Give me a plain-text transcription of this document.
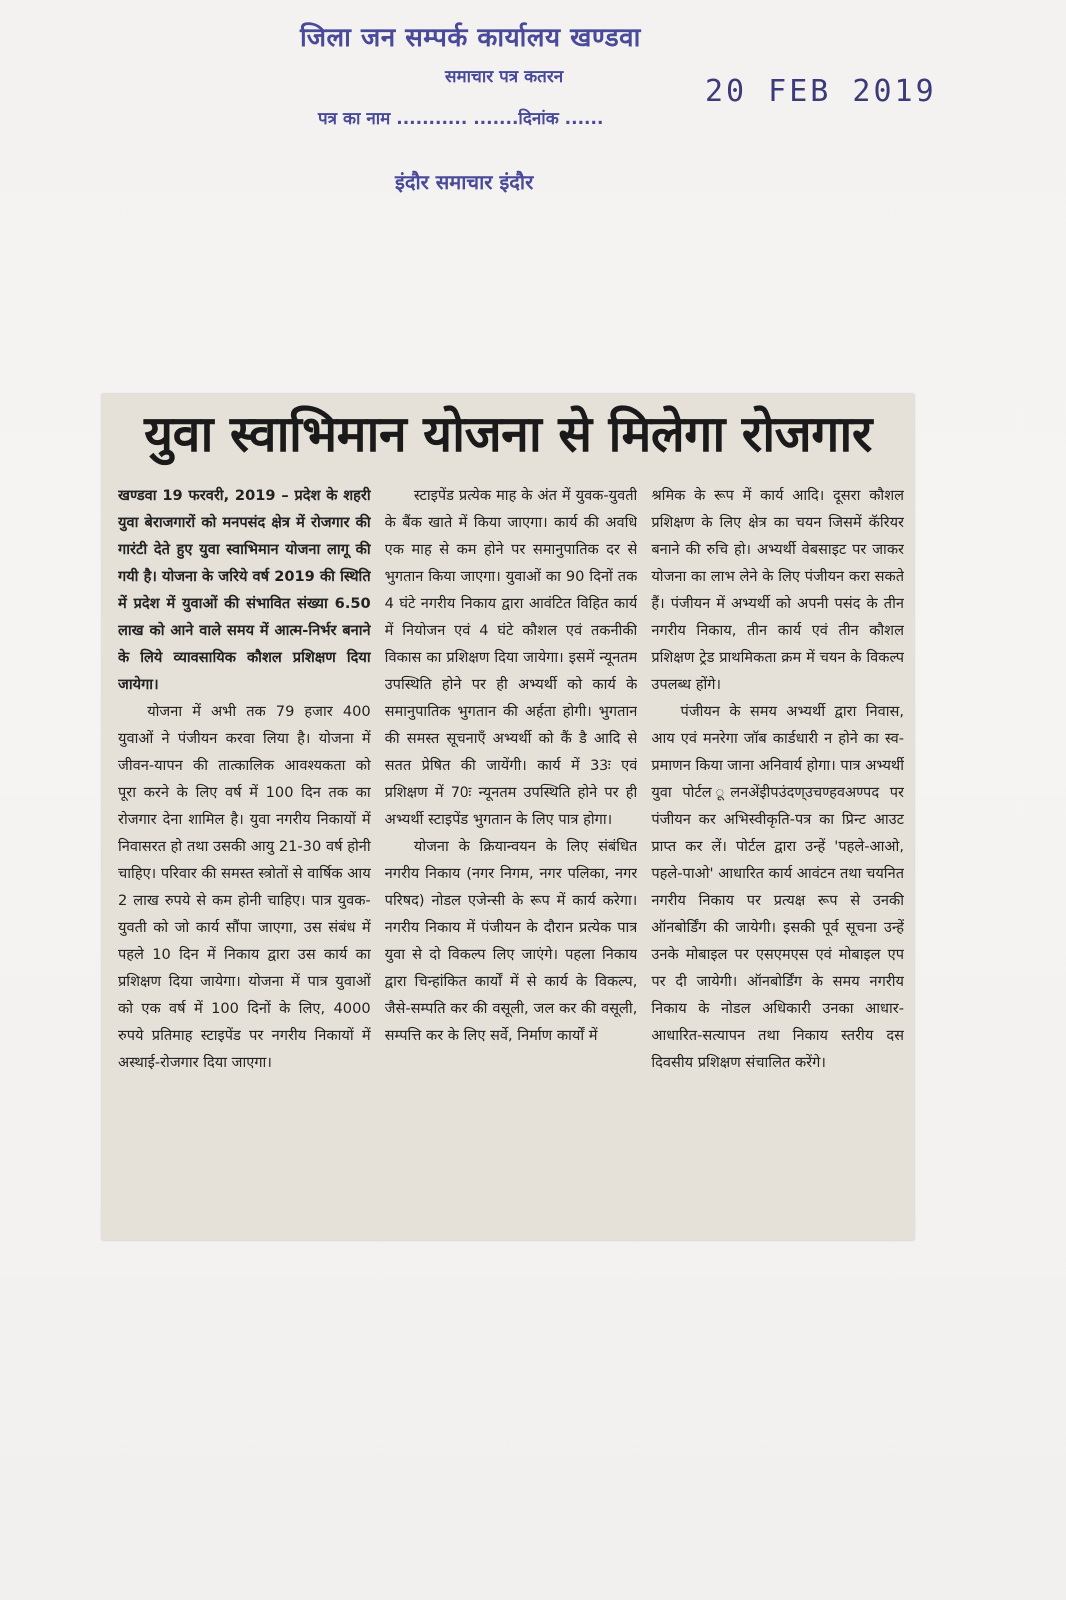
जिला जन सम्पर्क कार्यालय खण्डवा
समाचार पत्र कतरन	20 FEB 2019
पत्र का नाम ........... .......दिनांक ......
इंदौर समाचार इंदौर
युवा स्वाभिमान योजना से मिलेगा रोजगार

खण्डवा 19 फरवरी, 2019 – प्रदेश के शहरी युवा बेराजगारों को मनपसंद क्षेत्र में रोजगार की गारंटी देते हुए युवा स्वाभिमान योजना लागू की गयी है। योजना के जरिये वर्ष 2019 की स्थिति में प्रदेश में युवाओं की संभावित संख्या 6.50 लाख को आने वाले समय में आत्म-निर्भर बनाने के लिये व्यावसायिक कौशल प्रशिक्षण दिया जायेगा।

योजना में अभी तक 79 हजार 400 युवाओं ने पंजीयन करवा लिया है। योजना में जीवन-यापन की तात्कालिक आवश्यकता को पूरा करने के लिए वर्ष में 100 दिन तक का रोजगार देना शामिल है। युवा नगरीय निकायों में निवासरत हो तथा उसकी आयु 21-30 वर्ष होनी चाहिए। परिवार की समस्त स्त्रोतों से वार्षिक आय 2 लाख रुपये से कम होनी चाहिए। पात्र युवक-युवती को जो कार्य सौंपा जाएगा, उस संबंध में पहले 10 दिन में निकाय द्वारा उस कार्य का प्रशिक्षण दिया जायेगा। योजना में पात्र युवाओं को एक वर्ष में 100 दिनों के लिए, 4000 रुपये प्रतिमाह स्टाइपेंड पर नगरीय निकायों में अस्थाई-रोजगार दिया जाएगा।

स्टाइपेंड प्रत्येक माह के अंत में युवक-युवती के बैंक खाते में किया जाएगा। कार्य की अवधि एक माह से कम होने पर समानुपातिक दर से भुगतान किया जाएगा। युवाओं का 90 दिनों तक 4 घंटे नगरीय निकाय द्वारा आवंटित विहित कार्य में नियोजन एवं 4 घंटे कौशल एवं तकनीकी विकास का प्रशिक्षण दिया जायेगा। इसमें न्यूनतम उपस्थिति होने पर ही अभ्यर्थी को कार्य के समानुपातिक भुगतान की अर्हता होगी। भुगतान की समस्त सूचनाएँ अभ्यर्थी को कैं डै आदि से सतत प्रेषित की जायेंगी। कार्य में 33ः एवं प्रशिक्षण में 70ः न्यूनतम उपस्थिति होने पर ही अभ्यर्थी स्टाइपेंड भुगतान के लिए पात्र होगा।

योजना के क्रियान्वयन के लिए संबंधित नगरीय निकाय (नगर निगम, नगर पलिका, नगर परिषद) नोडल एजेन्सी के रूप में कार्य करेगा। नगरीय निकाय में पंजीयन के दौरान प्रत्येक पात्र युवा से दो विकल्प लिए जाएंगे। पहला निकाय द्वारा चिन्हांकित कार्यों में से कार्य के विकल्प, जैसे-सम्पति कर की वसूली, जल कर की वसूली, सम्पत्ति कर के लिए सर्वे, निर्माण कार्यों में

श्रमिक के रूप में कार्य आदि। दूसरा कौशल प्रशिक्षण के लिए क्षेत्र का चयन जिसमें कॅरियर बनाने की रुचि हो। अभ्यर्थी वेबसाइट पर जाकर योजना का लाभ लेने के लिए पंजीयन करा सकते हैं। पंजीयन में अभ्यर्थी को अपनी पसंद के तीन नगरीय निकाय, तीन कार्य एवं तीन कौशल प्रशिक्षण ट्रेड प्राथमिकता क्रम में चयन के विकल्प उपलब्ध होंगे।

पंजीयन के समय अभ्यर्थी द्वारा निवास, आय एवं मनरेगा जॉब कार्डधारी न होने का स्व-प्रमाणन किया जाना अनिवार्य होगा। पात्र अभ्यर्थी युवा पोर्टल ूलनअेंइीपउंदण्उचण्हवअण्पद पर पंजीयन कर अभिस्वीकृति-पत्र का प्रिन्ट आउट प्राप्त कर लें। पोर्टल द्वारा उन्हें 'पहले-आओ, पहले-पाओ' आधारित कार्य आवंटन तथा चयनित नगरीय निकाय पर प्रत्यक्ष रूप से उनकी ऑनबोर्डिंग की जायेगी। इसकी पूर्व सूचना उन्हें उनके मोबाइल पर एसएमएस एवं मोबाइल एप पर दी जायेगी। ऑनबोर्डिंग के समय नगरीय निकाय के नोडल अधिकारी उनका आधार-आधारित-सत्यापन तथा निकाय स्तरीय दस दिवसीय प्रशिक्षण संचालित करेंगे।
